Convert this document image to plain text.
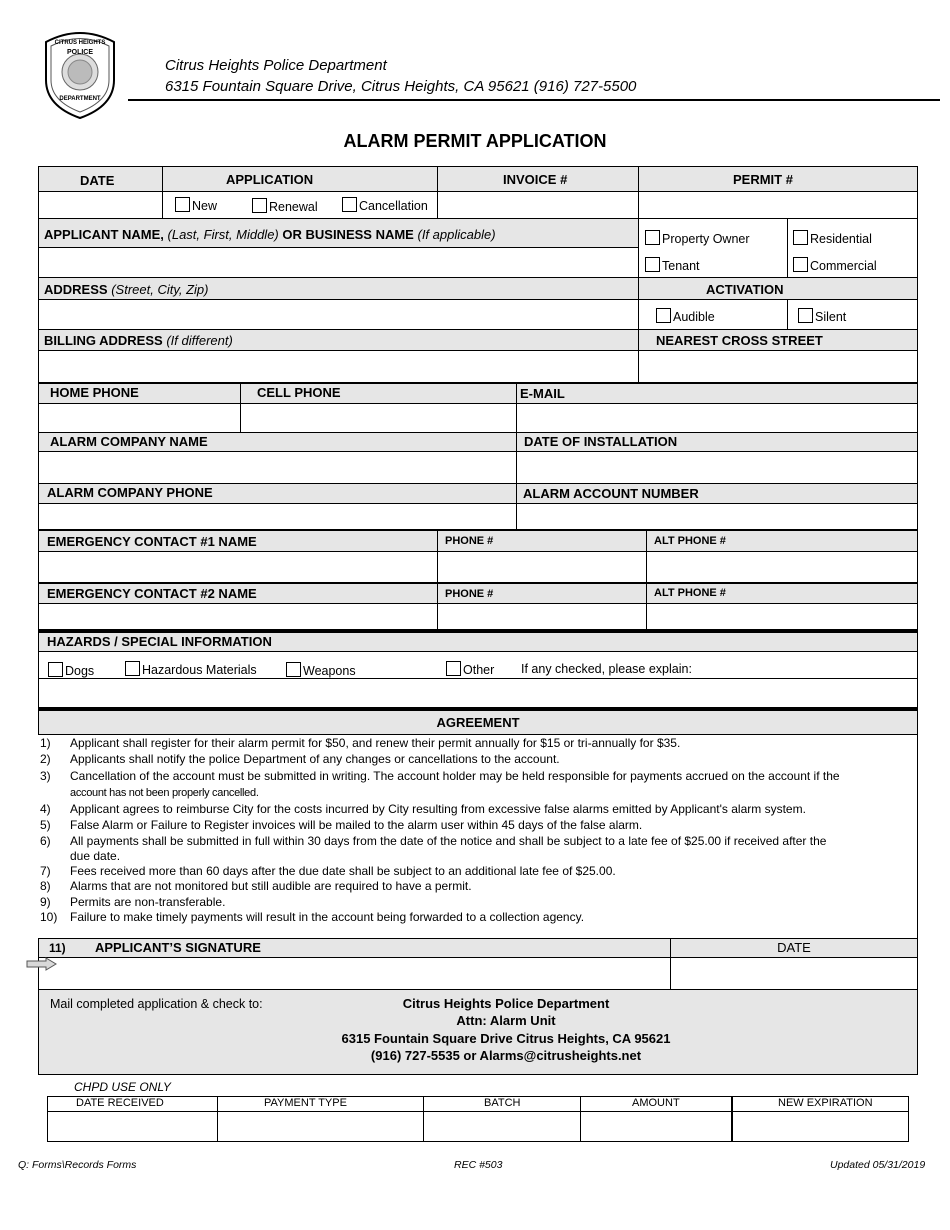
CITRUS HEIGHTS
POLICE
DEPARTMENT
Citrus Heights Police Department
6315 Fountain Square Drive, Citrus Heights, CA 95621 (916) 727-5500
ALARM PERMIT APPLICATION
DATE	APPLICATION	INVOICE #	PERMIT #
New	Renewal	Cancellation
APPLICANT NAME, (Last, First, Middle) OR BUSINESS NAME (If applicable)	Property Owner	Residential
Tenant	Commercial
ADDRESS (Street, City, Zip)	ACTIVATION
Audible	Silent
BILLING ADDRESS (If different)	NEAREST CROSS STREET
HOME PHONE	CELL PHONE	E-MAIL
ALARM COMPANY NAME	DATE OF INSTALLATION
ALARM COMPANY PHONE	ALARM ACCOUNT NUMBER
EMERGENCY CONTACT #1 NAME	PHONE #	ALT PHONE #
EMERGENCY CONTACT #2 NAME	PHONE #	ALT PHONE #
HAZARDS / SPECIAL INFORMATION
Dogs	Hazardous Materials	Weapons	Other If any checked, please explain:
AGREEMENT
1) Applicant shall register for their alarm permit for $50, and renew their permit annually for $15 or tri-annually for $35.
2) Applicants shall notify the police Department of any changes or cancellations to the account.
3) Cancellation of the account must be submitted in writing. The account holder may be held responsible for payments accrued on the account if the
account has not been properly cancelled.
4) Applicant agrees to reimburse City for the costs incurred by City resulting from excessive false alarms emitted by Applicant's alarm system.
5) False Alarm or Failure to Register invoices will be mailed to the alarm user within 45 days of the false alarm.
6) All payments shall be submitted in full within 30 days from the date of the notice and shall be subject to a late fee of $25.00 if received after the
due date.
7) Fees received more than 60 days after the due date shall be subject to an additional late fee of $25.00.
8) Alarms that are not monitored but still audible are required to have a permit.
9) Permits are non-transferable.
10) Failure to make timely payments will result in the account being forwarded to a collection agency.
11) APPLICANT’S SIGNATURE	DATE
Mail completed application & check to:	Citrus Heights Police Department
Attn: Alarm Unit
6315 Fountain Square Drive Citrus Heights, CA 95621
(916) 727-5535 or Alarms@citrusheights.net
CHPD USE ONLY
DATE RECEIVED	PAYMENT TYPE	BATCH	AMOUNT	NEW EXPIRATION
Q: Forms\Records Forms	REC #503	Updated 05/31/2019
